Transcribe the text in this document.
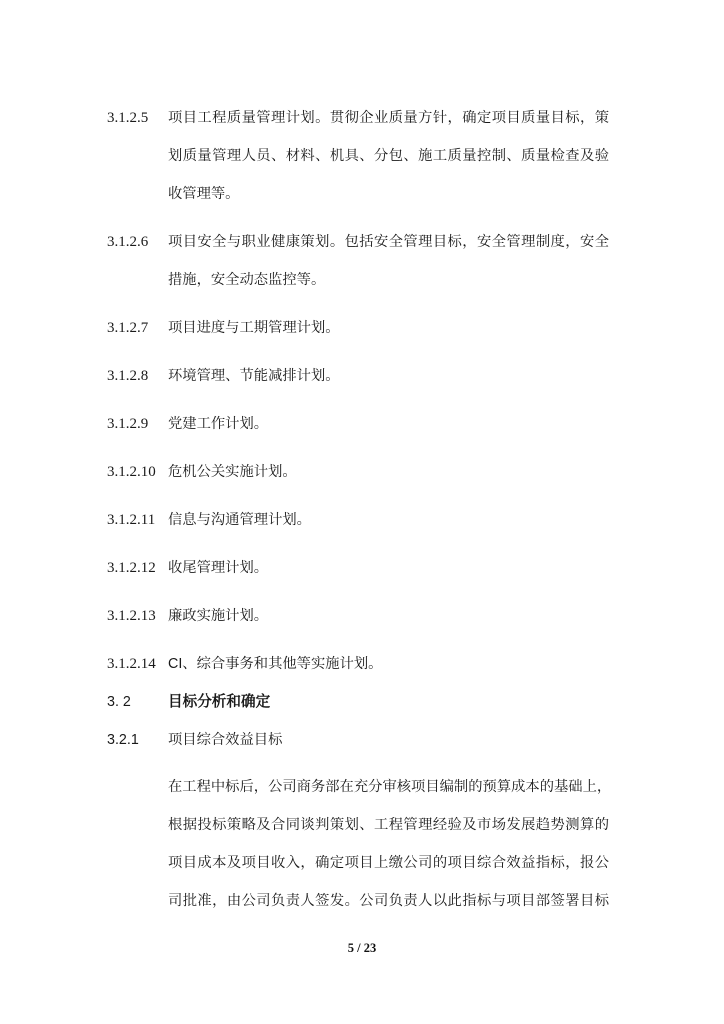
3.1.2.5	项目工程质量管理计划。贯彻企业质量方针，确定项目质量目标，策
划质量管理人员、材料、机具、分包、施工质量控制、质量检查及验
收管理等。
3.1.2.6	项目安全与职业健康策划。包括安全管理目标，安全管理制度，安全
措施，安全动态监控等。
3.1.2.7	项目进度与工期管理计划。
3.1.2.8	环境管理、节能减排计划。
3.1.2.9	党建工作计划。
3.1.2.10 危机公关实施计划。
3.1.2.11 信息与沟通管理计划。
3.1.2.12 收尾管理计划。
3.1.2.13 廉政实施计划。
3.1.2.14 CI、综合事务和其他等实施计划。
3. 2	目标分析和确定
3.2.1	项目综合效益目标
在工程中标后，公司商务部在充分审核项目编制的预算成本的基础上，
根据投标策略及合同谈判策划、工程管理经验及市场发展趋势测算的
项目成本及项目收入，确定项目上缴公司的项目综合效益指标，报公
司批准，由公司负责人签发。公司负责人以此指标与项目部签署目标
5 / 23
